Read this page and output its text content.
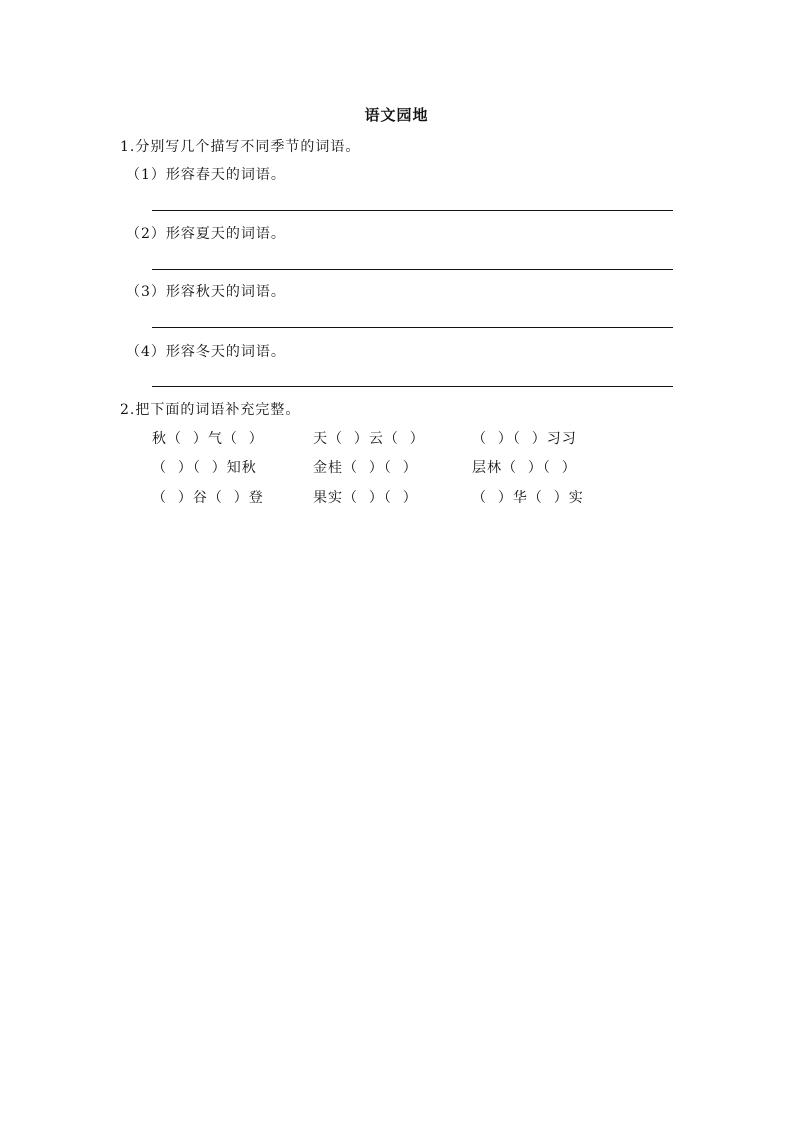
语文园地
1.分别写几个描写不同季节的词语。
（1）形容春天的词语。
（2）形容夏天的词语。
（3）形容秋天的词语。
（4）形容冬天的词语。
2.把下面的词语补充完整。
秋（  ）气（  ）	天（  ）云（  ）	（  ）（  ）习习
（  ）（  ）知秋	金桂（  ）（  ）	层林（  ）（  ）
（  ）谷（  ）登	果实（  ）（  ）	（  ）华（  ）实
